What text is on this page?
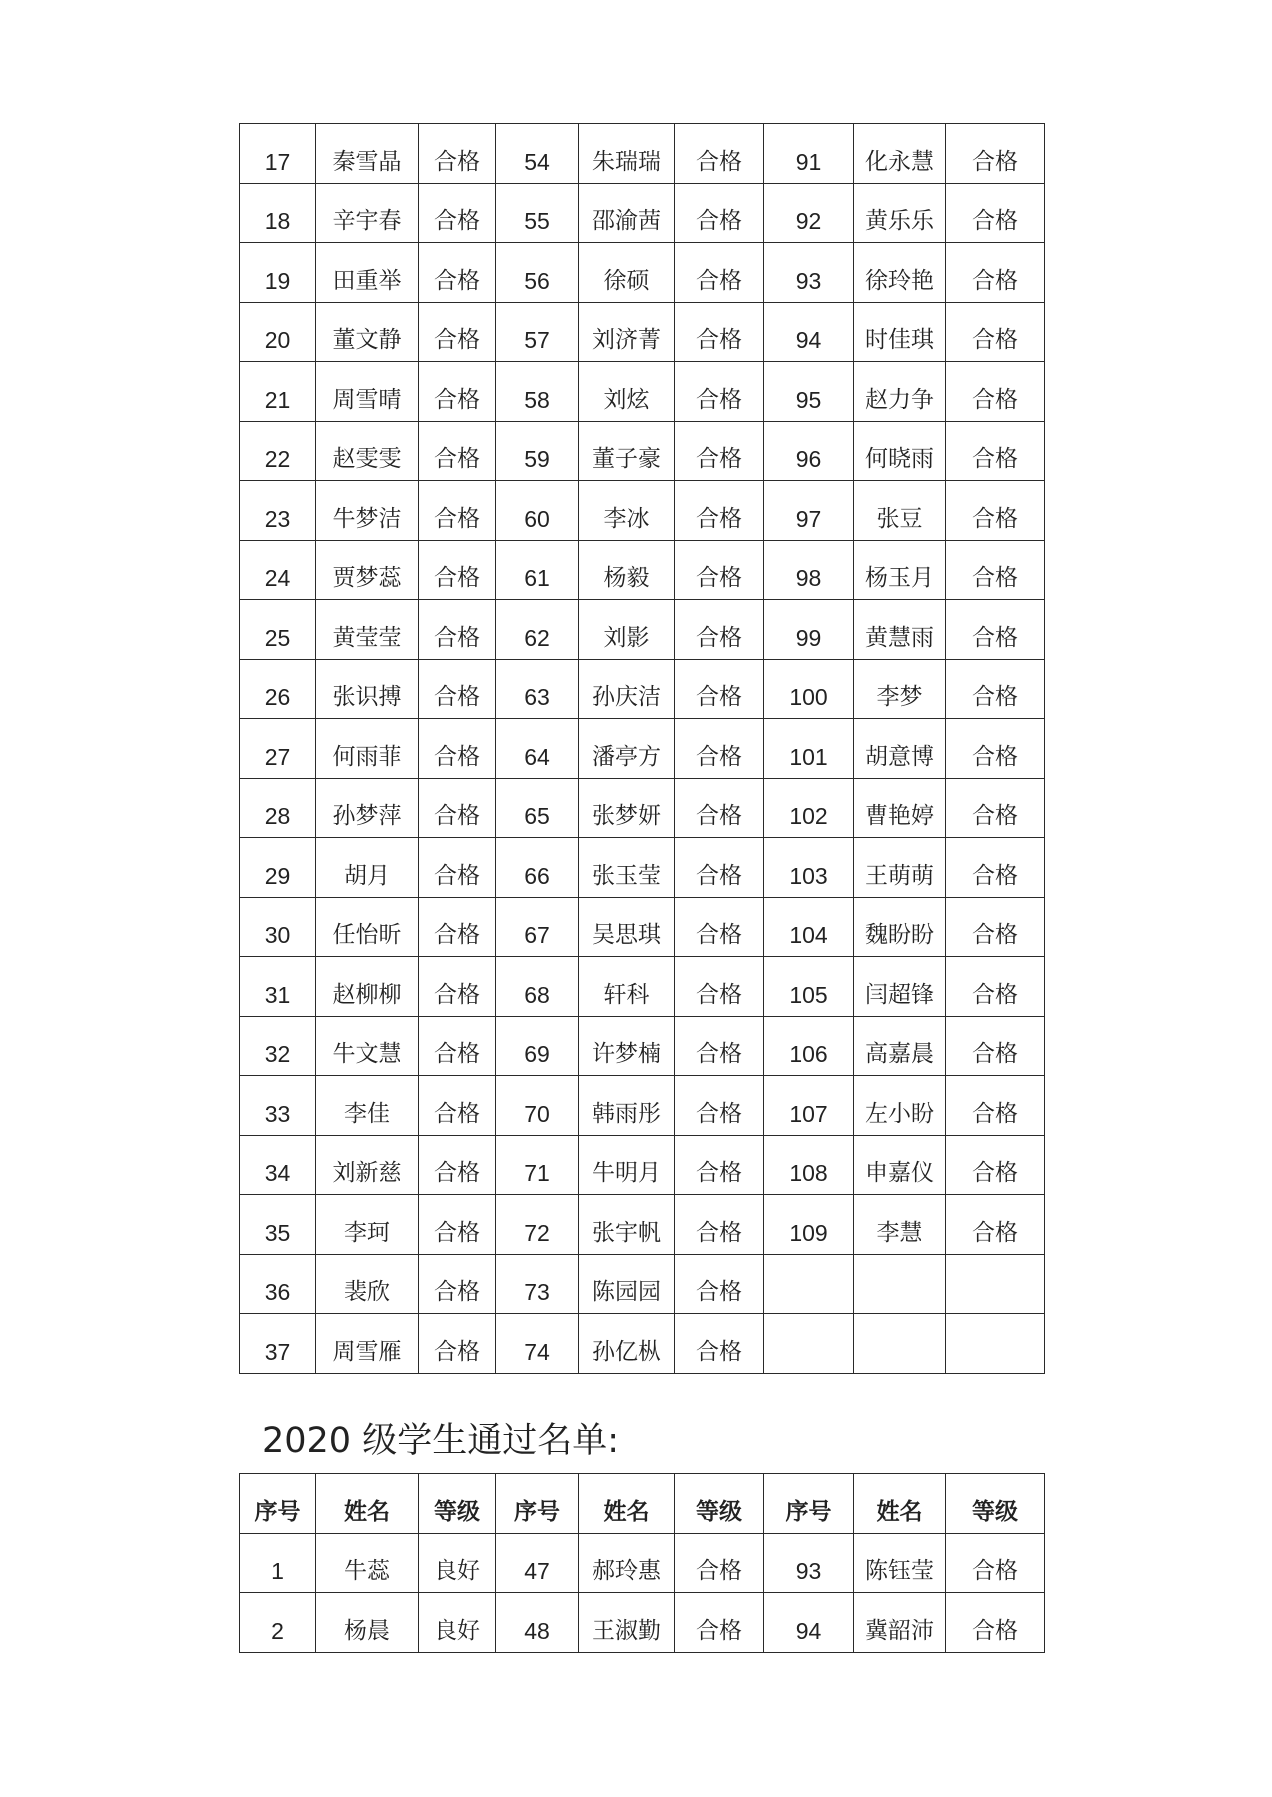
17	秦雪晶	合格	54	朱瑞瑞	合格	91	化永慧	合格
18	辛宇春	合格	55	邵渝茜	合格	92	黄乐乐	合格
19	田重举	合格	56	徐硕	合格	93	徐玲艳	合格
20	董文静	合格	57	刘济菁	合格	94	时佳琪	合格
21	周雪晴	合格	58	刘炫	合格	95	赵力争	合格
22	赵雯雯	合格	59	董子豪	合格	96	何晓雨	合格
23	牛梦洁	合格	60	李冰	合格	97	张豆	合格
24	贾梦蕊	合格	61	杨毅	合格	98	杨玉月	合格
25	黄莹莹	合格	62	刘影	合格	99	黄慧雨	合格
26	张识搏	合格	63	孙庆洁	合格	100	李梦	合格
27	何雨菲	合格	64	潘亭方	合格	101	胡意博	合格
28	孙梦萍	合格	65	张梦妍	合格	102	曹艳婷	合格
29	胡月	合格	66	张玉莹	合格	103	王萌萌	合格
30	任怡昕	合格	67	吴思琪	合格	104	魏盼盼	合格
31	赵柳柳	合格	68	轩科	合格	105	闫超锋	合格
32	牛文慧	合格	69	许梦楠	合格	106	高嘉晨	合格
33	李佳	合格	70	韩雨彤	合格	107	左小盼	合格
34	刘新慈	合格	71	牛明月	合格	108	申嘉仪	合格
35	李珂	合格	72	张宇帆	合格	109	李慧	合格
36	裴欣	合格	73	陈园园	合格			
37	周雪雁	合格	74	孙亿枞	合格			
2020 级学生通过名单:
序号	姓名	等级	序号	姓名	等级	序号	姓名	等级
1	牛蕊	良好	47	郝玲惠	合格	93	陈钰莹	合格
2	杨晨	良好	48	王淑勤	合格	94	冀韶沛	合格
